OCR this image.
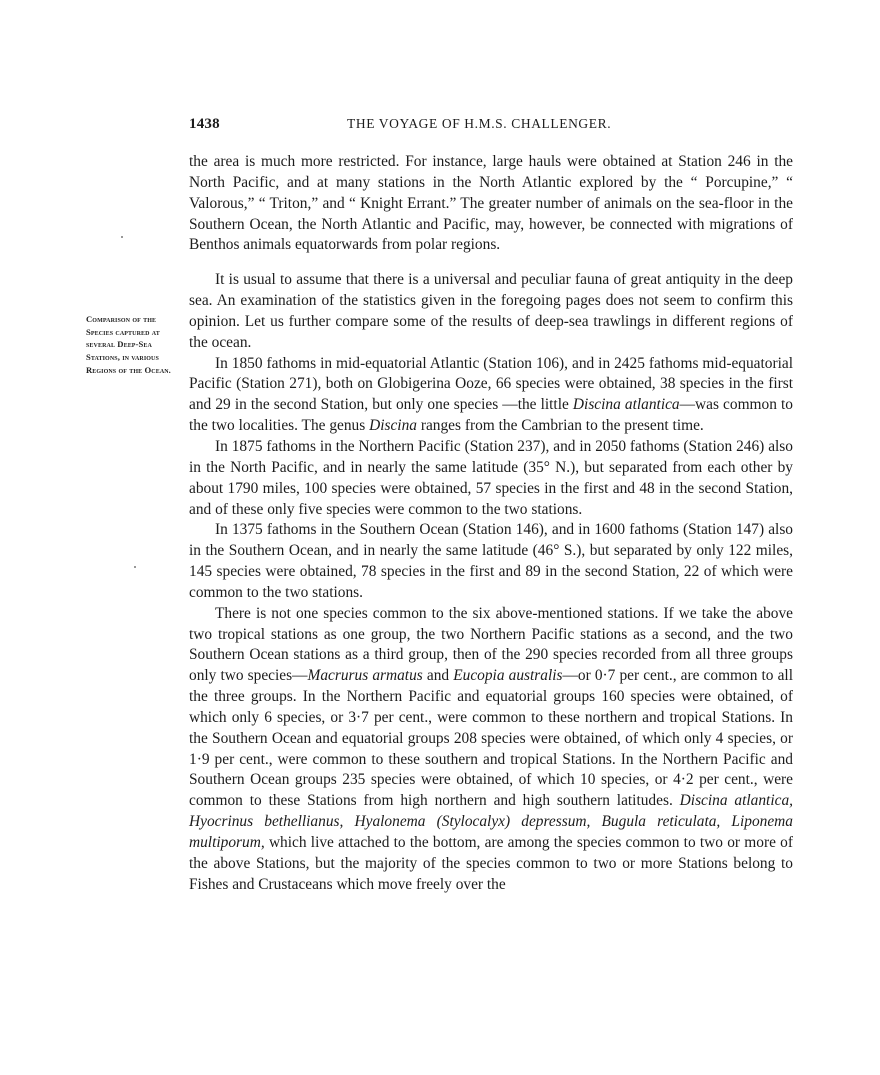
1438	THE VOYAGE OF H.M.S. CHALLENGER.
Comparison of the Species captured at several Deep-Sea Stations, in various Regions of the Ocean.

the area is much more restricted. For instance, large hauls were obtained at Station 246 in the North Pacific, and at many stations in the North Atlantic explored by the “ Porcupine,” “ Valorous,” “ Triton,” and “ Knight Errant.” The greater number of animals on the sea-floor in the Southern Ocean, the North Atlantic and Pacific, may, however, be connected with migrations of Benthos animals equatorwards from polar regions.

It is usual to assume that there is a universal and peculiar fauna of great antiquity in the deep sea. An examination of the statistics given in the foregoing pages does not seem to confirm this opinion. Let us further compare some of the results of deep-sea trawlings in different regions of the ocean.

In 1850 fathoms in mid-equatorial Atlantic (Station 106), and in 2425 fathoms mid-equatorial Pacific (Station 271), both on Globigerina Ooze, 66 species were obtained, 38 species in the first and 29 in the second Station, but only one species —the little Discina atlantica—was common to the two localities. The genus Discina ranges from the Cambrian to the present time.

In 1875 fathoms in the Northern Pacific (Station 237), and in 2050 fathoms (Station 246) also in the North Pacific, and in nearly the same latitude (35° N.), but separated from each other by about 1790 miles, 100 species were obtained, 57 species in the first and 48 in the second Station, and of these only five species were common to the two stations.

In 1375 fathoms in the Southern Ocean (Station 146), and in 1600 fathoms (Station 147) also in the Southern Ocean, and in nearly the same latitude (46° S.), but separated by only 122 miles, 145 species were obtained, 78 species in the first and 89 in the second Station, 22 of which were common to the two stations.

There is not one species common to the six above-mentioned stations. If we take the above two tropical stations as one group, the two Northern Pacific stations as a second, and the two Southern Ocean stations as a third group, then of the 290 species recorded from all three groups only two species—Macrurus armatus and Eucopia australis—or 0·7 per cent., are common to all the three groups. In the Northern Pacific and equatorial groups 160 species were obtained, of which only 6 species, or 3·7 per cent., were common to these northern and tropical Stations. In the Southern Ocean and equatorial groups 208 species were obtained, of which only 4 species, or 1·9 per cent., were common to these southern and tropical Stations. In the Northern Pacific and Southern Ocean groups 235 species were obtained, of which 10 species, or 4·2 per cent., were common to these Stations from high northern and high southern latitudes. Discina atlantica, Hyocrinus bethellianus, Hyalonema (Stylocalyx) depressum, Bugula reticulata, Liponema multiporum, which live attached to the bottom, are among the species common to two or more of the above Stations, but the majority of the species common to two or more Stations belong to Fishes and Crustaceans which move freely over the
